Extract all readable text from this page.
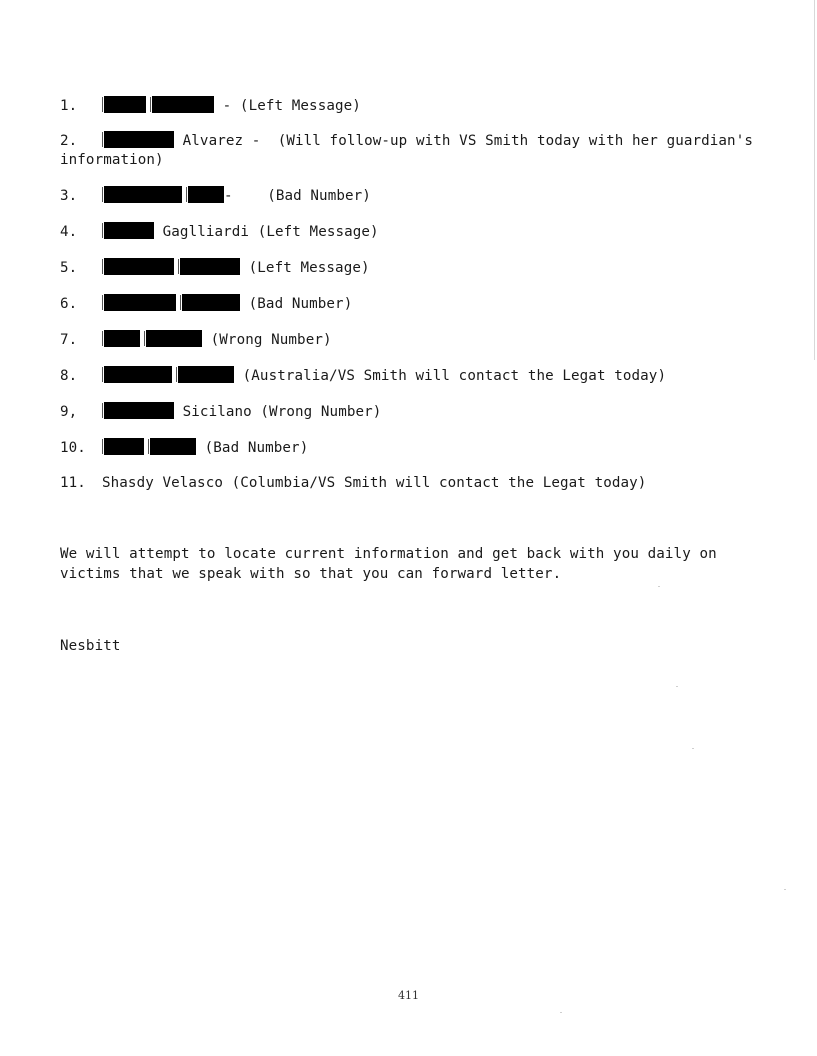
1.	- (Left Message)
2.	Alvarez -  (Will follow-up with VS Smith today with her guardian's
information)
3.	-    (Bad Number)
4.	Gaglliardi (Left Message)
5.	(Left Message)
6.	(Bad Number)
7.	(Wrong Number)
8.	(Australia/VS Smith will contact the Legat today)
9,	Sicilano (Wrong Number)
10.	(Bad Number)
11. Shasdy Velasco (Columbia/VS Smith will contact the Legat today)
We will attempt to locate current information and get back with you daily on
victims that we speak with so that you can forward letter.
Nesbitt
411
